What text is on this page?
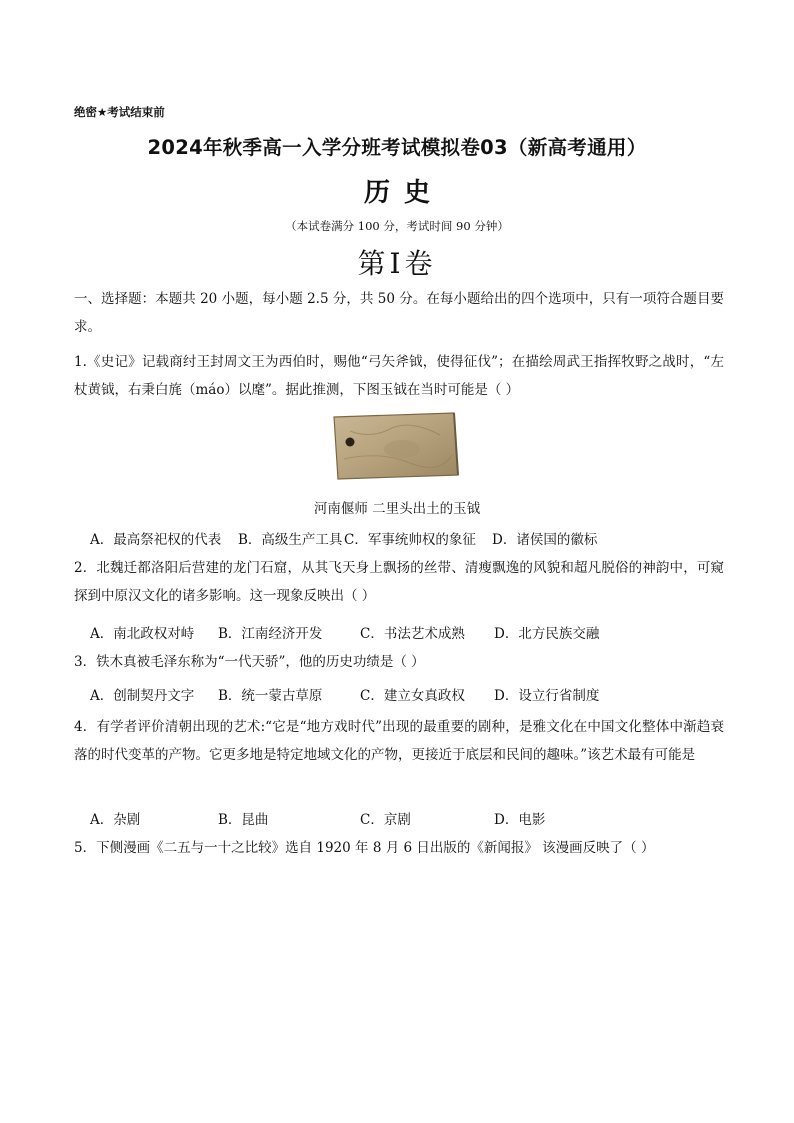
绝密★考试结束前
2024年秋季高一入学分班考试模拟卷03（新高考通用）
历史
（本试卷满分 100 分，考试时间 90 分钟）
第Ⅰ卷
一、选择题：本题共 20 小题，每小题 2.5 分，共 50 分。在每小题给出的四个选项中，只有一项符合题目要求。
1.《史记》记载商纣王封周文王为西伯时，赐他“弓矢斧钺，使得征伐”；在描绘周武王指挥牧野之战时，“左杖黄钺，右秉白旄（máo）以麾”。据此推测，下图玉钺在当时可能是（ ）
河南偃师 二里头出土的玉钺
A．最高祭祀权的代表 B．高级生产工具 C．军事统帅权的象征 D．诸侯国的徽标
2．北魏迁都洛阳后营建的龙门石窟，从其飞天身上飘扬的丝带、清瘦飘逸的风貌和超凡脱俗的神韵中，可窥探到中原汉文化的诸多影响。这一现象反映出（ ）
A．南北政权对峙 B．江南经济开发	C．书法艺术成熟 D．北方民族交融
3．铁木真被毛泽东称为“一代天骄”，他的历史功绩是（ ）
A．创制契丹文字 B．统一蒙古草原	C．建立女真政权 D．设立行省制度
4．有学者评价清朝出现的艺术:“它是“地方戏时代”出现的最重要的剧种，是雅文化在中国文化整体中渐趋衰落的时代变革的产物。它更多地是特定地域文化的产物，更接近于底层和民间的趣味。”该艺术最有可能是
A．杂剧	B．昆曲	C．京剧	D．电影
5．下侧漫画《二五与一十之比较》选自 1920 年 8 月 6 日出版的《新闻报》 该漫画反映了（ ）
